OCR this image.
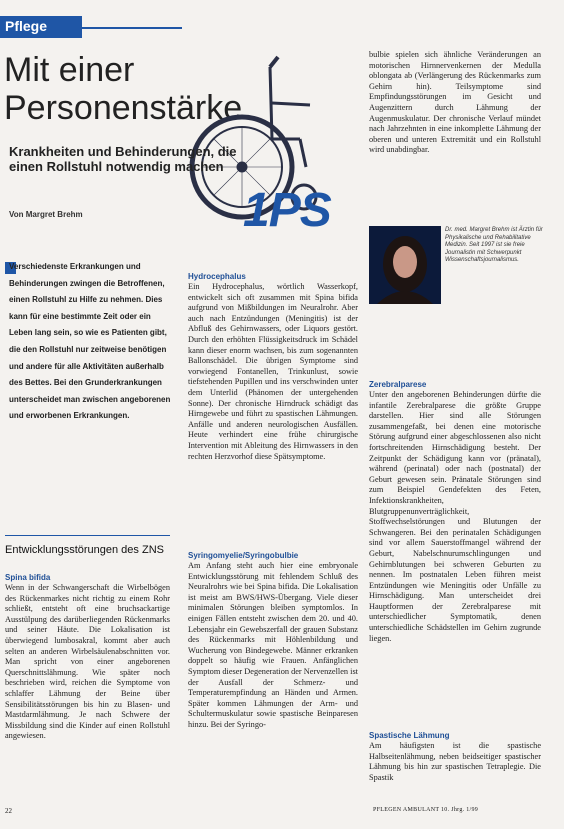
Pflege
Mit einer
Personenstärke
Krankheiten und Behinderungen, die einen Rollstuhl notwendig machen
1PS
Von Margret Brehm
Dr. med. Margret Brehm ist Ärztin für Physikalische und Rehabilitative Medizin. Seit 1997 ist sie freie Journalistin mit Schwerpunkt Wissenschaftsjournalismus.
Verschiedenste Erkrankungen und Behinderungen zwingen die Betroffenen, einen Rollstuhl zu Hilfe zu nehmen. Dies kann für eine bestimmte Zeit oder ein Leben lang sein, so wie es Patienten gibt, die den Rollstuhl nur zeitweise benötigen und andere für alle Aktivitäten außerhalb des Bettes. Bei den Grunderkrankungen unterscheidet man zwischen angeborenen und erworbenen Erkrankungen.
Entwicklungsstörungen des ZNS
Spina bifida
Wenn in der Schwangerschaft die Wirbelbögen des Rückenmarkes nicht richtig zu einem Rohr schließt, entsteht oft eine bruchsackartige Ausstülpung des darüberliegenden Rückenmarks und seiner Häute. Die Lokalisation ist überwiegend lumbosakral, kommt aber auch selten an anderen Wirbelsäulenabschnitten vor. Man spricht von einer angeborenen Querschnittslähmung. Wie später noch beschrieben wird, reichen die Symptome von schlaffer Lähmung der Beine über Sensibilitätsstörungen bis hin zu Blasen- und Mastdarmlähmung. Je nach Schwere der Missbildung sind die Kinder auf einen Rollstuhl angewiesen.
Hydrocephalus
Ein Hydrocephalus, wörtlich Wasserkopf, entwickelt sich oft zusammen mit Spina bifida aufgrund von Mißbildungen im Neuralrohr. Aber auch nach Entzündungen (Meningitis) ist der Abfluß des Gehirnwassers, oder Liquors gestört. Durch den erhöhten Flüssigkeitsdruck im Schädel kann dieser enorm wachsen, bis zum sogenannten Ballonschädel. Die übrigen Symptome sind vorwiegend Fontanellen, Trinkunlust, sowie tiefstehenden Pupillen und ins verschwinden unter dem Unterlid (Phänomen der untergehenden Sonne). Der chronische Hirndruck schädigt das Hirngewebe und führt zu spastischen Lähmungen. Anfälle und anderen neurologischen Ausfällen. Heute verhindert eine frühe chirurgische Intervention mit Ableitung des Hirnwassers in den rechten Herzvorhof diese Spätsymptome.
Syringomyelie/Syringobulbie
Am Anfang steht auch hier eine embryonale Entwicklungsstörung mit fehlendem Schluß des Neuralrohrs wie bei Spina bifida. Die Lokalisation ist meist am BWS/HWS-Übergang. Viele dieser minimalen Störungen bleiben symptomlos. In einigen Fällen entsteht zwischen dem 20. und 40. Lebensjahr ein Gewebszerfall der grauen Substanz des Rückenmarks mit Höhlenbildung und Wucherung von Bindegewebe. Männer erkranken doppelt so häufig wie Frauen. Anfänglichen Symptom dieser Degeneration der Nervenzellen ist der Ausfall der Schmerz- und Temperaturempfindung an Händen und Armen. Später kommen Lähmungen der Arm- und Schultermuskulatur sowie spastische Beinparesen hinzu. Bei der Syringo-
bulbie spielen sich ähnliche Veränderungen an motorischen Hirnnervenkernen der Medulla oblongata ab (Verlängerung des Rückenmarks zum Gehirn hin). Teilsymptome sind Empfindungsstörungen im Gesicht und Augenzittern durch Lähmung der Augenmuskulatur. Der chronische Verlauf mündet nach Jahrzehnten in eine inkomplette Lähmung der oberen und unteren Extremität und ein Rollstuhl wird unabdingbar.
Zerebralparese
Unter den angeborenen Behinderungen dürfte die infantile Zerebralparese die größte Gruppe darstellen. Hier sind alle Störungen zusammengefaßt, bei denen eine motorische Störung aufgrund einer abgeschlossenen also nicht fortschreitenden Hirnschädigung besteht. Der Zeitpunkt der Schädigung kann vor (pränatal), während (perinatal) oder nach (postnatal) der Geburt gewesen sein. Pränatale Störungen sind zum Beispiel Gendefekten des Feten, Infektionskrankheiten, Blutgruppenunverträglichkeit, Stoffwechselstörungen und Blutungen der Schwangeren. Bei den perinatalen Schädigungen sind vor allem Sauerstoffmangel während der Geburt, Nabelschnurumschlingungen und Gehirnblutungen bei schweren Geburten zu nennen. Im postnatalen Leben führen meist Entzündungen wie Meningitis oder Unfälle zu Hirnschädigung. Man unterscheidet drei Hauptformen der Zerebralparese mit unterschiedlicher Symptomatik, denen unterschiedliche Schädstellen im Gehirn zugrunde liegen.
Spastische Lähmung
Am häufigsten ist die spastische Halbseitenlähmung, neben beidseitiger spastischer Lähmung bis hin zur spastischen Tetraplegie. Die Spastik
22	PFLEGEN AMBULANT 10. Jhrg. 1/99
